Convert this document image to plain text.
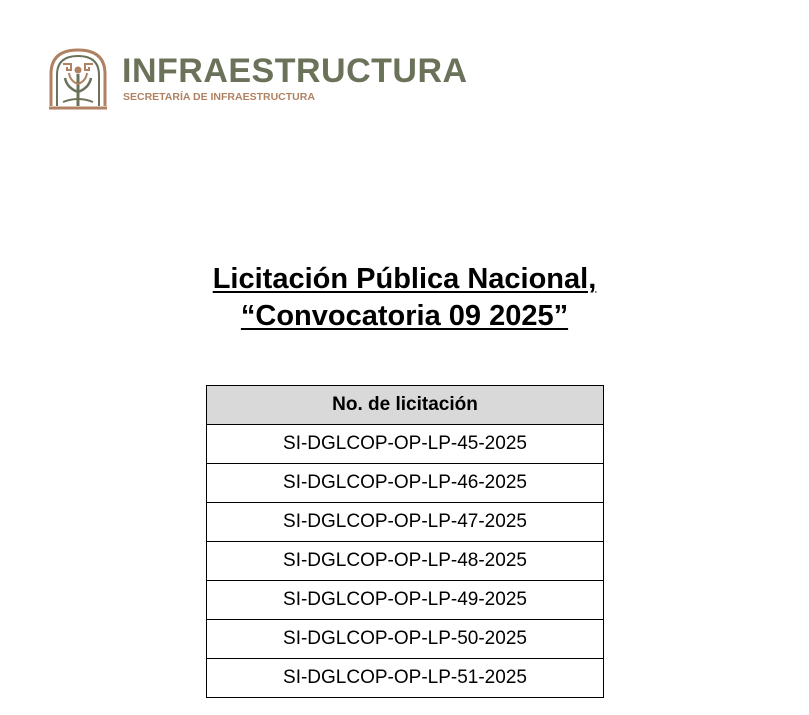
INFRAESTRUCTURA
SECRETARÍA DE INFRAESTRUCTURA
Licitación Pública Nacional,
“Convocatoria 09 2025”
No. de licitación
SI-DGLCOP-OP-LP-45-2025
SI-DGLCOP-OP-LP-46-2025
SI-DGLCOP-OP-LP-47-2025
SI-DGLCOP-OP-LP-48-2025
SI-DGLCOP-OP-LP-49-2025
SI-DGLCOP-OP-LP-50-2025
SI-DGLCOP-OP-LP-51-2025
